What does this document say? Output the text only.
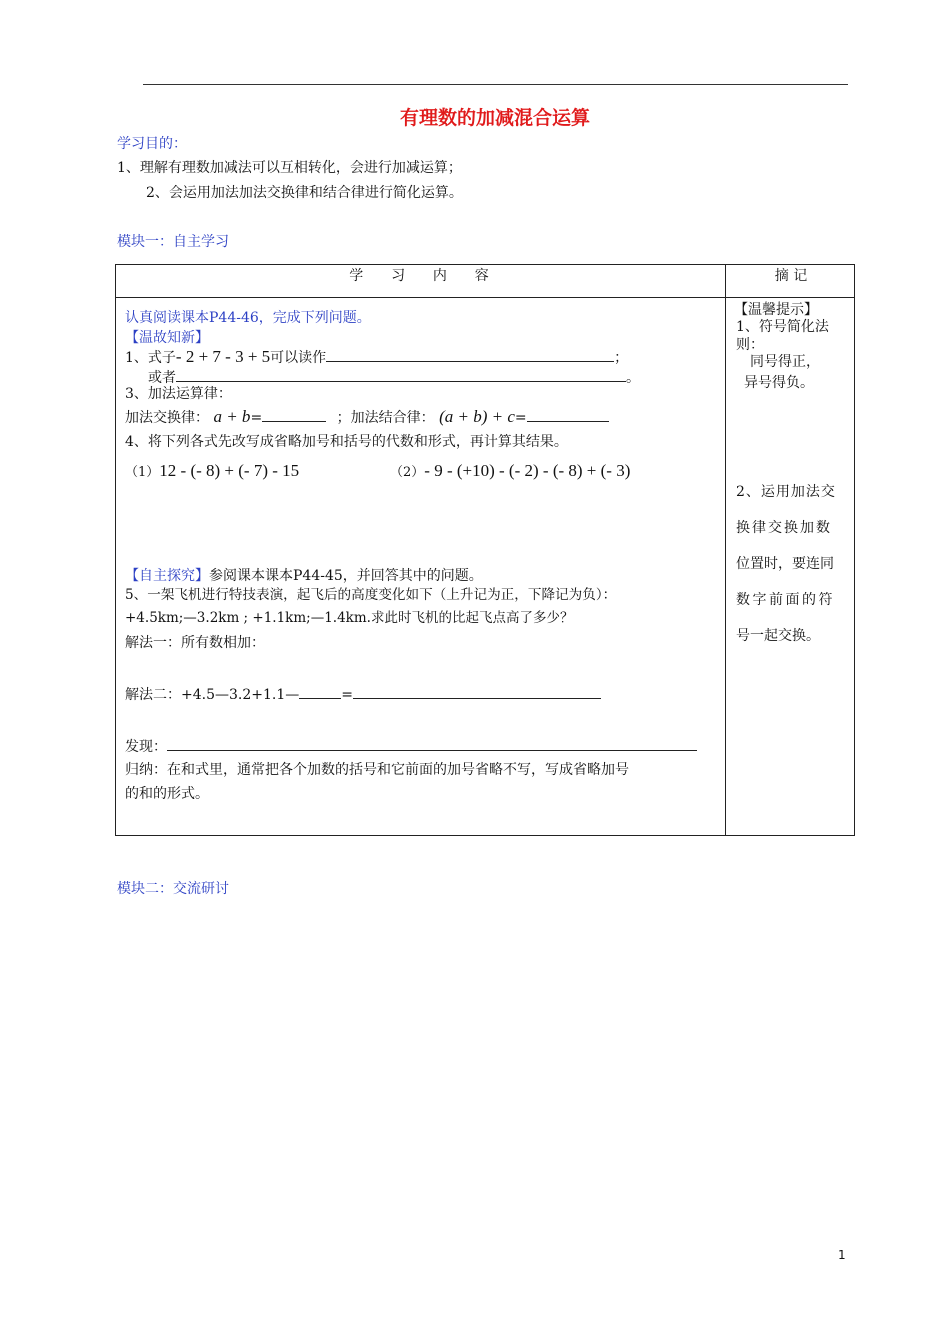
有理数的加减混合运算
学习目的：
1、理解有理数加减法可以互相转化，会进行加减运算；
2、会运用加法加法交换律和结合律进行简化运算。
模块一：自主学习
学    习    内    容	摘 记
认真阅读课本P44-46，完成下列问题。
【温故知新】
1、式子- 2 + 7 - 3 + 5可以读作	；
或者	。
3、加法运算律：
加法交换律： a + b=	；加法结合律： (a + b) + c=
4、将下列各式先改写成省略加号和括号的代数和形式，再计算其结果。
（1）12 - (- 8) + (- 7) - 15	（2）- 9 - (+10) - (- 2) - (- 8) + (- 3)
【自主探究】参阅课本课本P44-45，并回答其中的问题。
5、一架飞机进行特技表演，起飞后的高度变化如下（上升记为正，下降记为负）：
+4.5km;—3.2km ; +1.1km;—1.4km.求此时飞机的比起飞点高了多少？
解法一：所有数相加：
解法二：+4.5—3.2+1.1—	=
发现：
归纳：在和式里，通常把各个加数的括号和它前面的加号省略不写，写成省略加号
的和的形式。
【温馨提示】
1、符号简化法
则：
同号得正，
异号得负。
2、运用加法交
换律交换加数
位置时，要连同
数字前面的符
号一起交换。
模块二：交流研讨
1
